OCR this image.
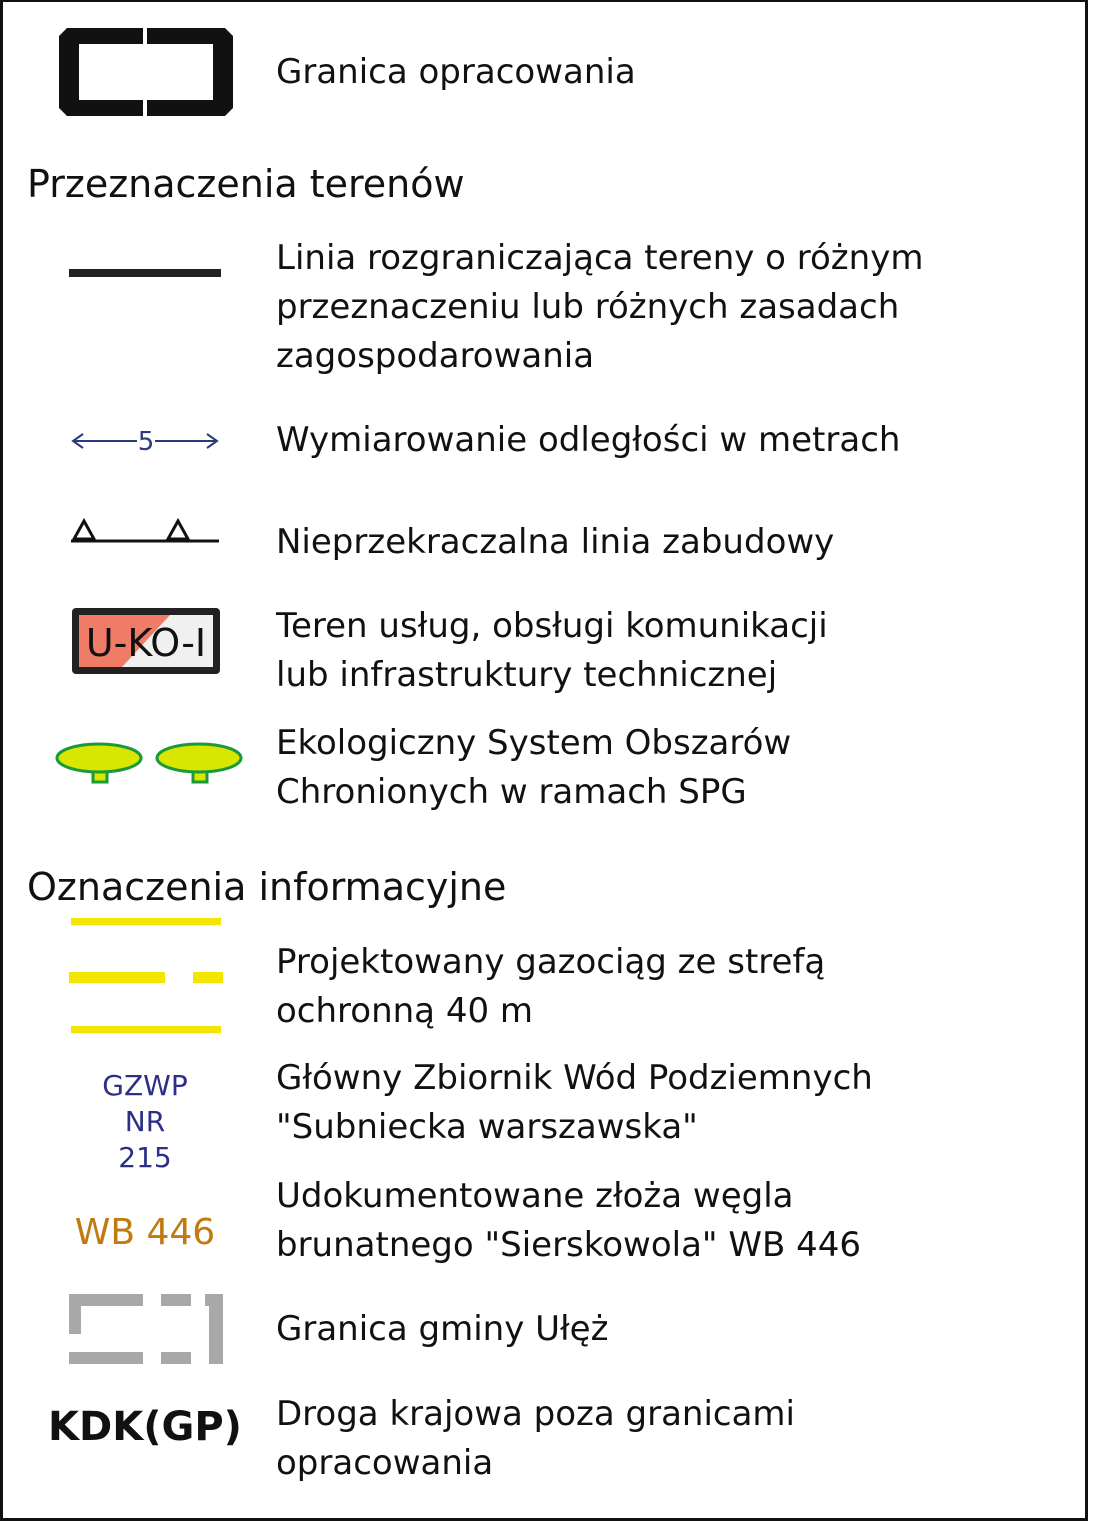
Granica opracowania

Przeznaczenia terenów

Linia rozgraniczająca tereny o różnym
przeznaczeniu lub różnych zasadach
zagospodarowania

5	Wymiarowanie odległości w metrach

Nieprzekraczalna linia zabudowy

U-KO-I Teren usług, obsługi komunikacji
lub infrastruktury technicznej

Ekologiczny System Obszarów
Chronionych w ramach SPG

Oznaczenia informacyjne

Projektowany gazociąg ze strefą
ochronną 40 m

GZWP
NR
215

Główny Zbiornik Wód Podziemnych
"Subniecka warszawska"

WB 446

Udokumentowane złoża węgla
brunatnego "Sierskowola" WB 446

Granica gminy Ułęż

KDK(GP) Droga krajowa poza granicami
opracowania
